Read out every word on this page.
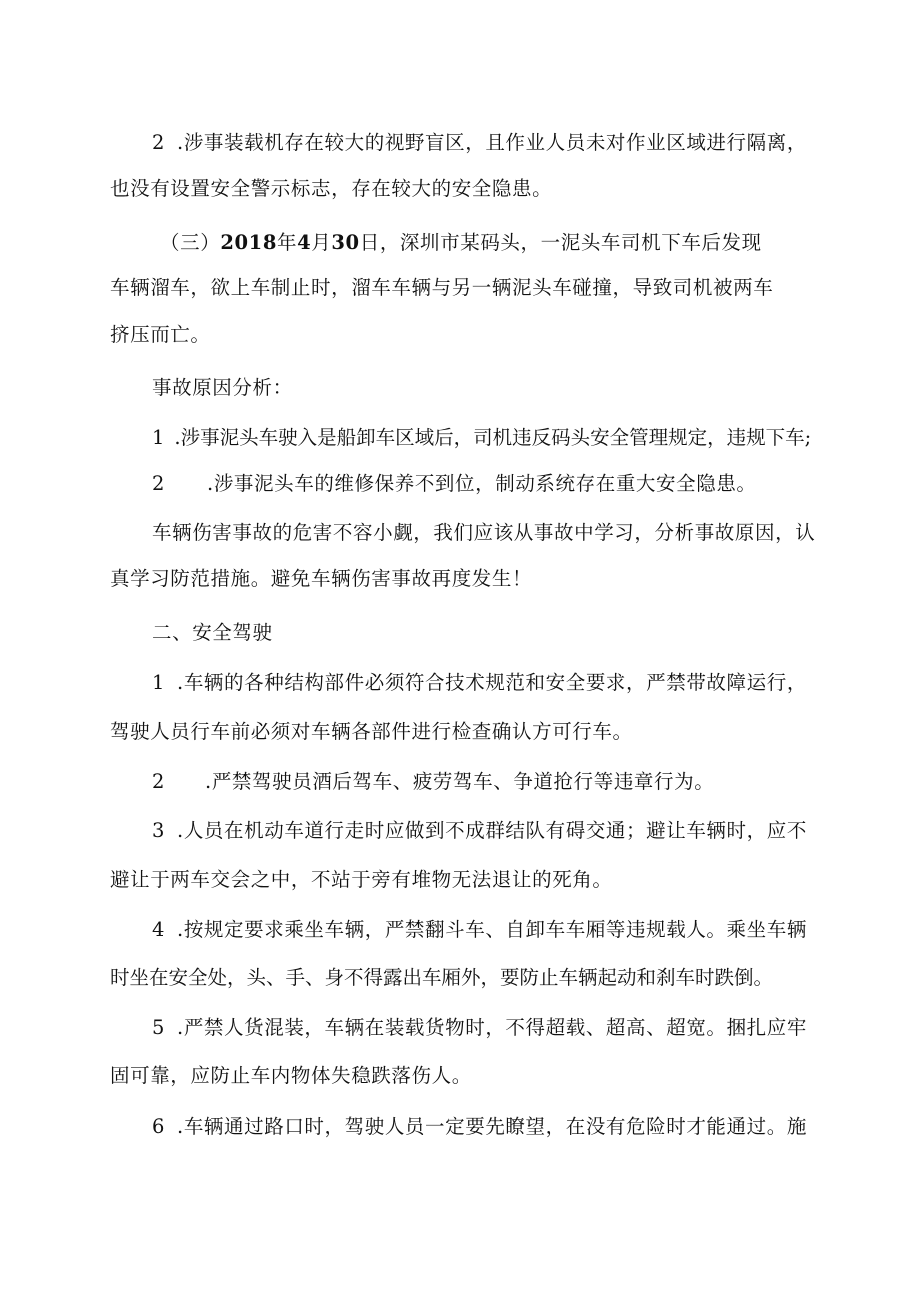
2 .涉事装载机存在较大的视野盲区，且作业人员未对作业区域进行隔离，
也没有设置安全警示标志，存在较大的安全隐患。
（三）2018年4月30日，深圳市某码头，一泥头车司机下车后发现
车辆溜车，欲上车制止时，溜车车辆与另一辆泥头车碰撞，导致司机被两车
挤压而亡。
事故原因分析：
1 .涉事泥头车驶入是船卸车区域后，司机违反码头安全管理规定，违规下车;
2 .涉事泥头车的维修保养不到位，制动系统存在重大安全隐患。
车辆伤害事故的危害不容小觑，我们应该从事故中学习，分析事故原因，认
真学习防范措施。避免车辆伤害事故再度发生！
二、安全驾驶
1 .车辆的各种结构部件必须符合技术规范和安全要求，严禁带故障运行，
驾驶人员行车前必须对车辆各部件进行检查确认方可行车。
2 .严禁驾驶员酒后驾车、疲劳驾车、争道抢行等违章行为。
3 .人员在机动车道行走时应做到不成群结队有碍交通；避让车辆时，应不
避让于两车交会之中，不站于旁有堆物无法退让的死角。
4 .按规定要求乘坐车辆，严禁翻斗车、自卸车车厢等违规载人。乘坐车辆
时坐在安全处，头、手、身不得露出车厢外，要防止车辆起动和刹车时跌倒。
5 .严禁人货混装，车辆在装载货物时，不得超载、超高、超宽。捆扎应牢
固可靠，应防止车内物体失稳跌落伤人。
6 .车辆通过路口时，驾驶人员一定要先瞭望，在没有危险时才能通过。施
